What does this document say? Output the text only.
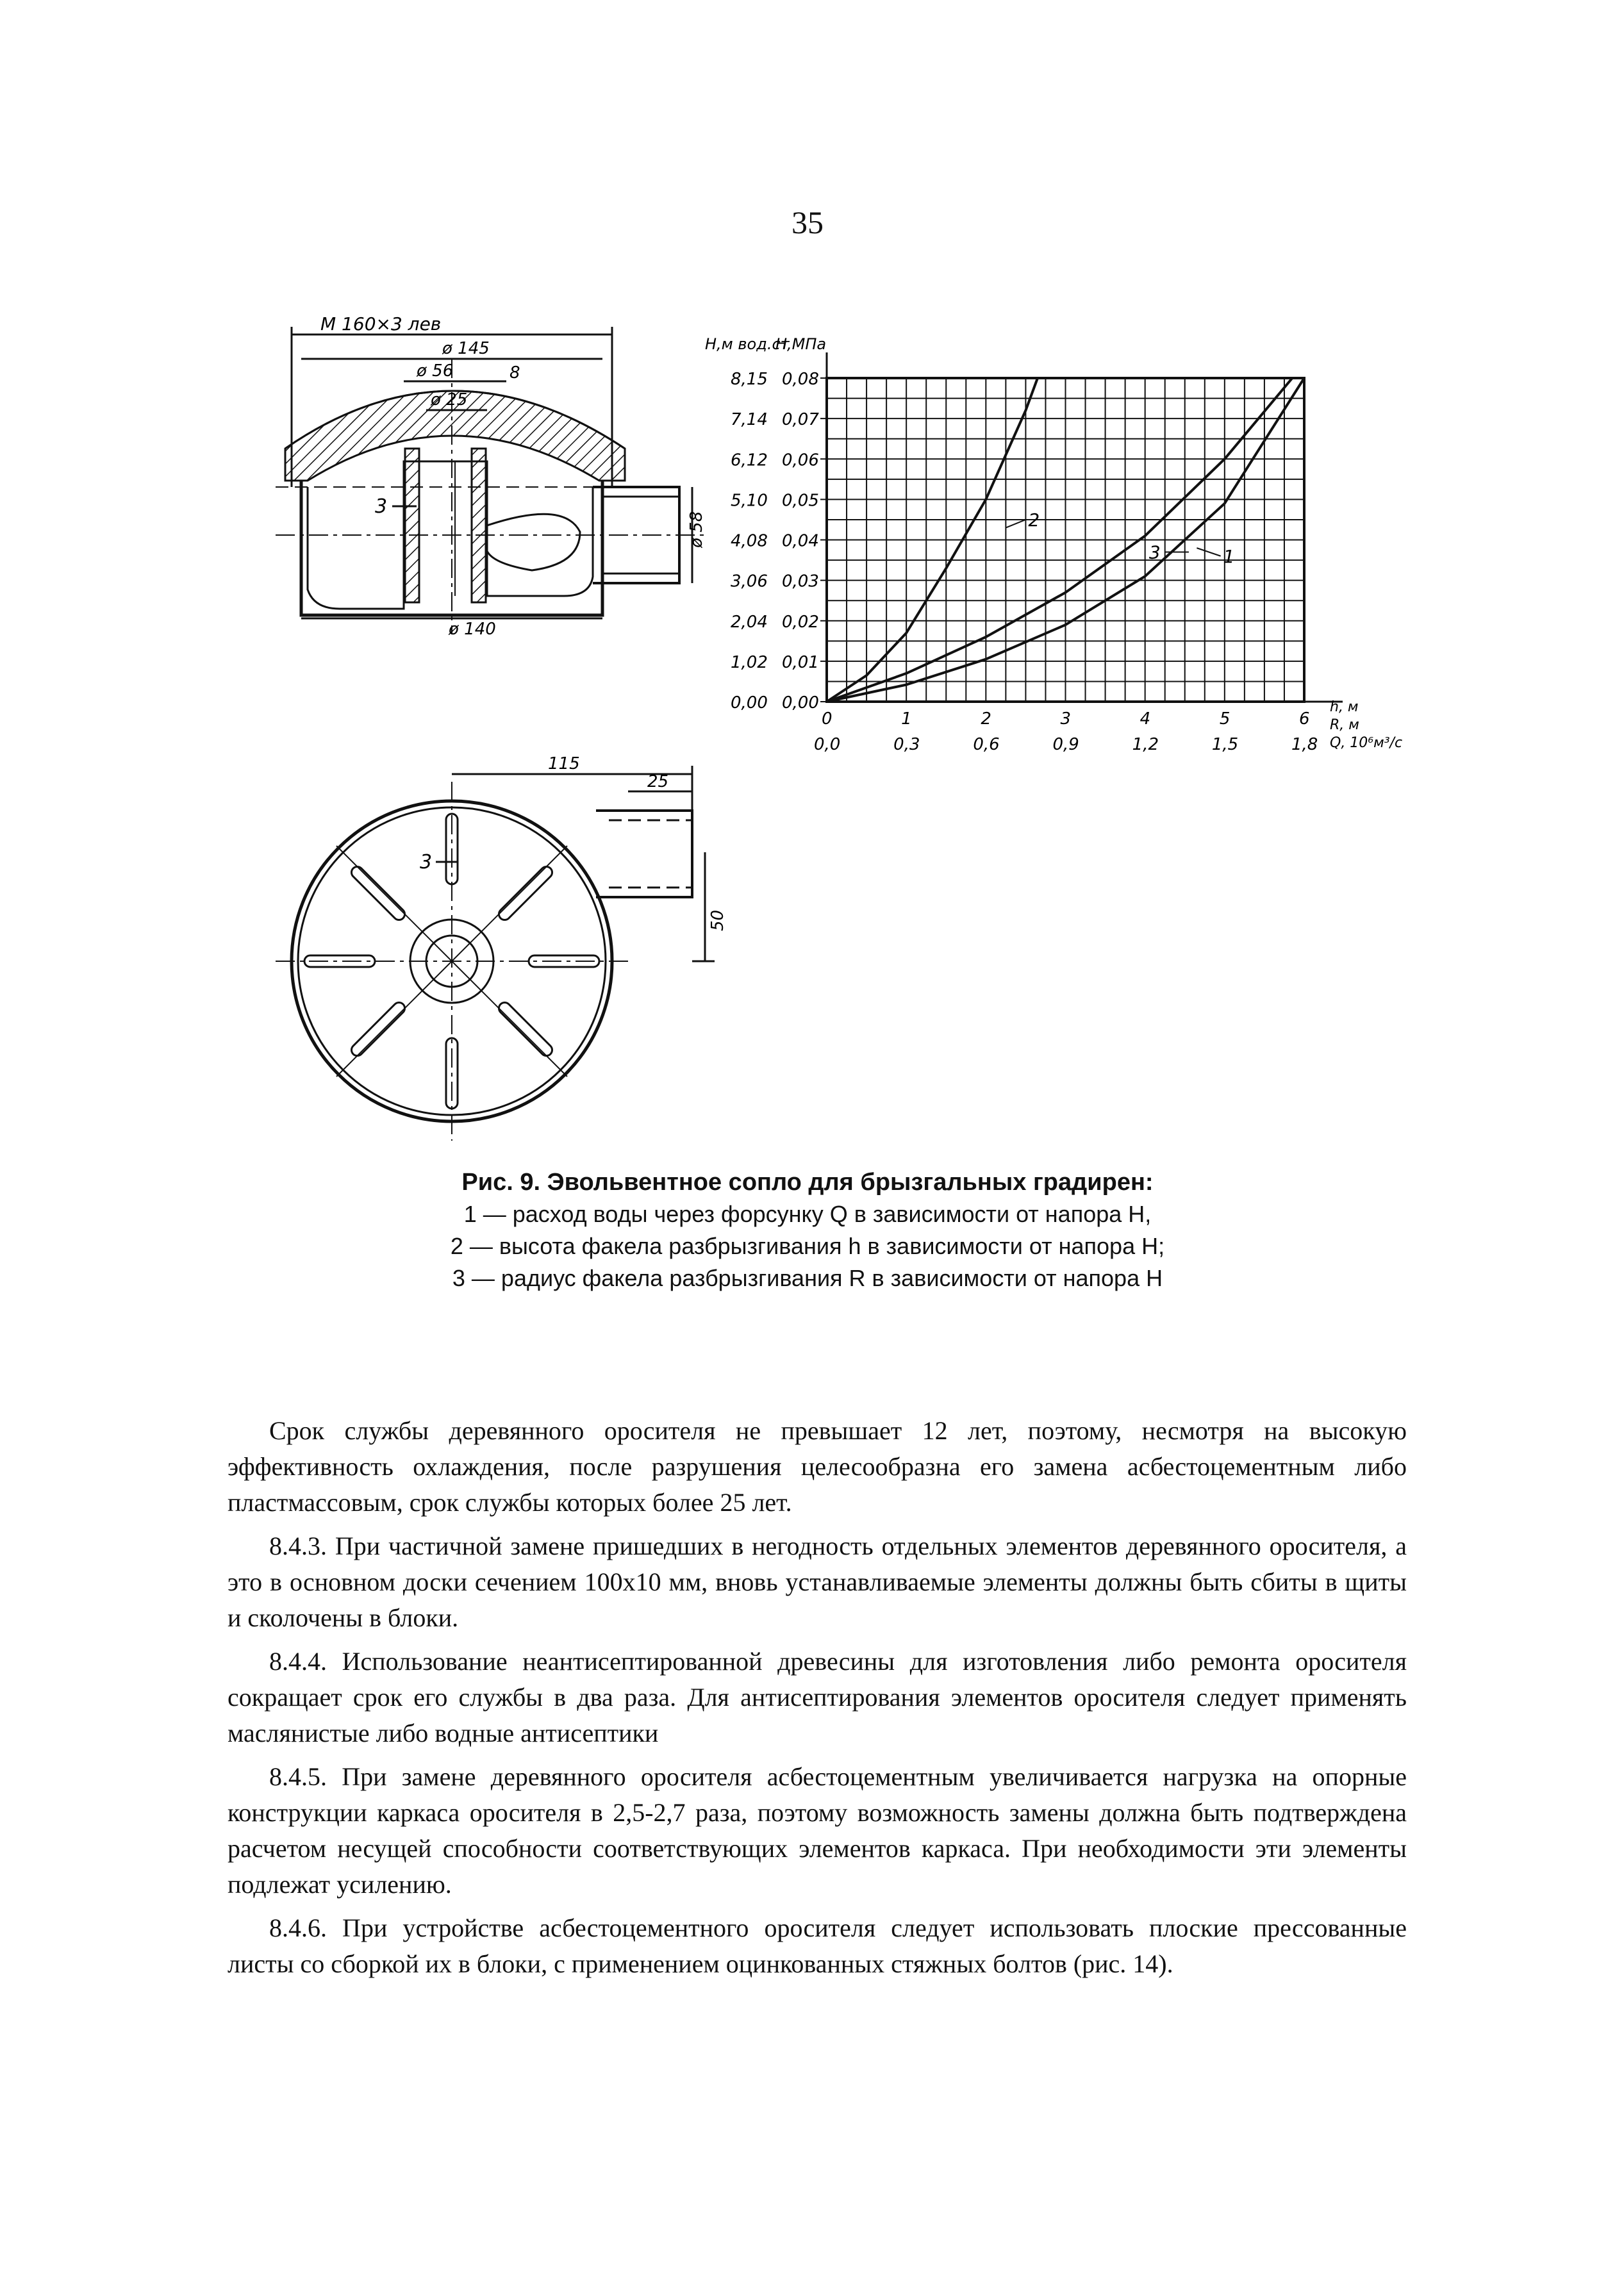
35
М 160×3 лев
ø 145
ø 56
ø 25
8
ø 140
ø 58
3
115
25
50
3
8,15
7,14
6,12
5,10
4,08
3,06
2,04
1,02
0,00
0,08
0,07
0,06
0,05
0,04
0,03
0,02
0,01
0,00
H,м вод.ст
H,МПа
0	1	2	3	4	5	6
0,0	0,3	0,6	0,9	1,2	1,5	1,8
h, м
R, м
Q, 10⁶м³/с
2
3	1
Рис. 9. Эвольвентное сопло для брызгальных градирен:
1 — расход воды через форсунку Q в зависимости от напора H,
2 — высота факела разбрызгивания h в зависимости от напора H;
3 — радиус факела разбрызгивания R в зависимости от напора H

Срок службы деревянного оросителя не превышает 12 лет, поэтому, несмотря на высокую эффективность охлаждения, после разрушения целесообразна его замена асбестоцементным либо пластмассовым, срок службы которых более 25 лет.

8.4.3. При частичной замене пришедших в негодность отдельных элементов деревянного оросителя, а это в основном доски сечением 100х10 мм, вновь устанавливаемые элементы должны быть сбиты в щиты и сколочены в блоки.

8.4.4. Использование неантисептированной древесины для изготовления либо ремонта оросителя сокращает срок его службы в два раза. Для антисептирования элементов оросителя следует применять маслянистые либо водные антисептики

8.4.5. При замене деревянного оросителя асбестоцементным увеличивается нагрузка на опорные конструкции каркаса оросителя в 2,5-2,7 раза, поэтому возможность замены должна быть подтверждена расчетом несущей способности соответствующих элементов каркаса. При необходимости эти элементы подлежат усилению.

8.4.6. При устройстве асбестоцементного оросителя следует использовать плоские прессованные листы со сборкой их в блоки, с применением оцинкованных стяжных болтов (рис. 14).
